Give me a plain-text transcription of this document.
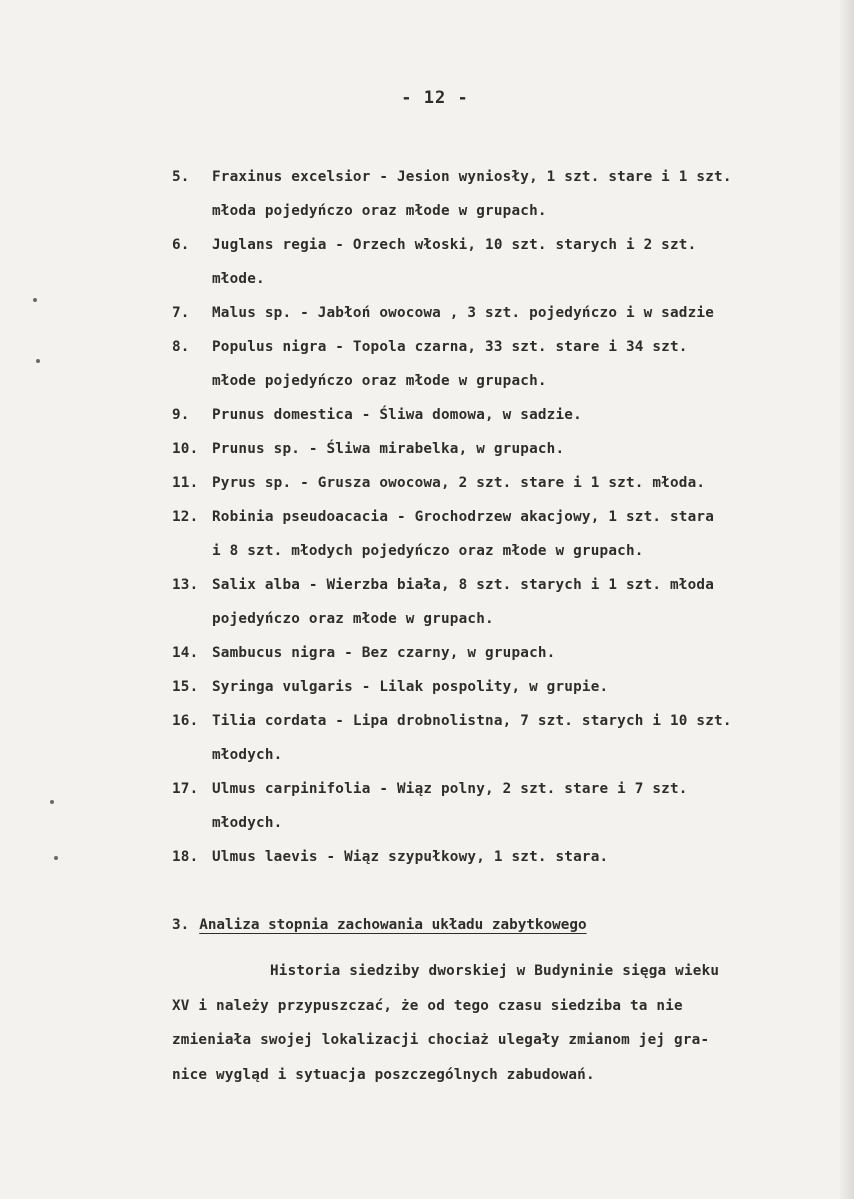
- 12 -
5. Fraxinus excelsior - Jesion wyniosły, 1 szt. stare i 1 szt.
młoda pojedyńczo oraz młode w grupach.
6. Juglans regia - Orzech włoski, 10 szt. starych i 2 szt.
młode.
7. Malus sp. - Jabłoń owocowa , 3 szt. pojedyńczo i w sadzie
8. Populus nigra - Topola czarna, 33 szt. stare i 34 szt.
młode pojedyńczo oraz młode w grupach.
9. Prunus domestica - Śliwa domowa, w sadzie.
10. Prunus sp. - Śliwa mirabelka, w grupach.
11. Pyrus sp. - Grusza owocowa, 2 szt. stare i 1 szt. młoda.
12. Robinia pseudoacacia - Grochodrzew akacjowy, 1 szt. stara
i 8 szt. młodych pojedyńczo oraz młode w grupach.
13. Salix alba - Wierzba biała, 8 szt. starych i 1 szt. młoda
pojedyńczo oraz młode w grupach.
14. Sambucus nigra - Bez czarny, w grupach.
15. Syringa vulgaris - Lilak pospolity, w grupie.
16. Tilia cordata - Lipa drobnolistna, 7 szt. starych i 10 szt.
młodych.
17. Ulmus carpinifolia - Wiąz polny, 2 szt. stare i 7 szt.
młodych.
18. Ulmus laevis - Wiąz szypułkowy, 1 szt. stara.
3. Analiza stopnia zachowania układu zabytkowego
Historia siedziby dworskiej w Budyninie sięga wieku
XV i należy przypuszczać, że od tego czasu siedziba ta nie
zmieniała swojej lokalizacji chociaż ulegały zmianom jej gra-
nice wygląd i sytuacja poszczególnych zabudowań.
